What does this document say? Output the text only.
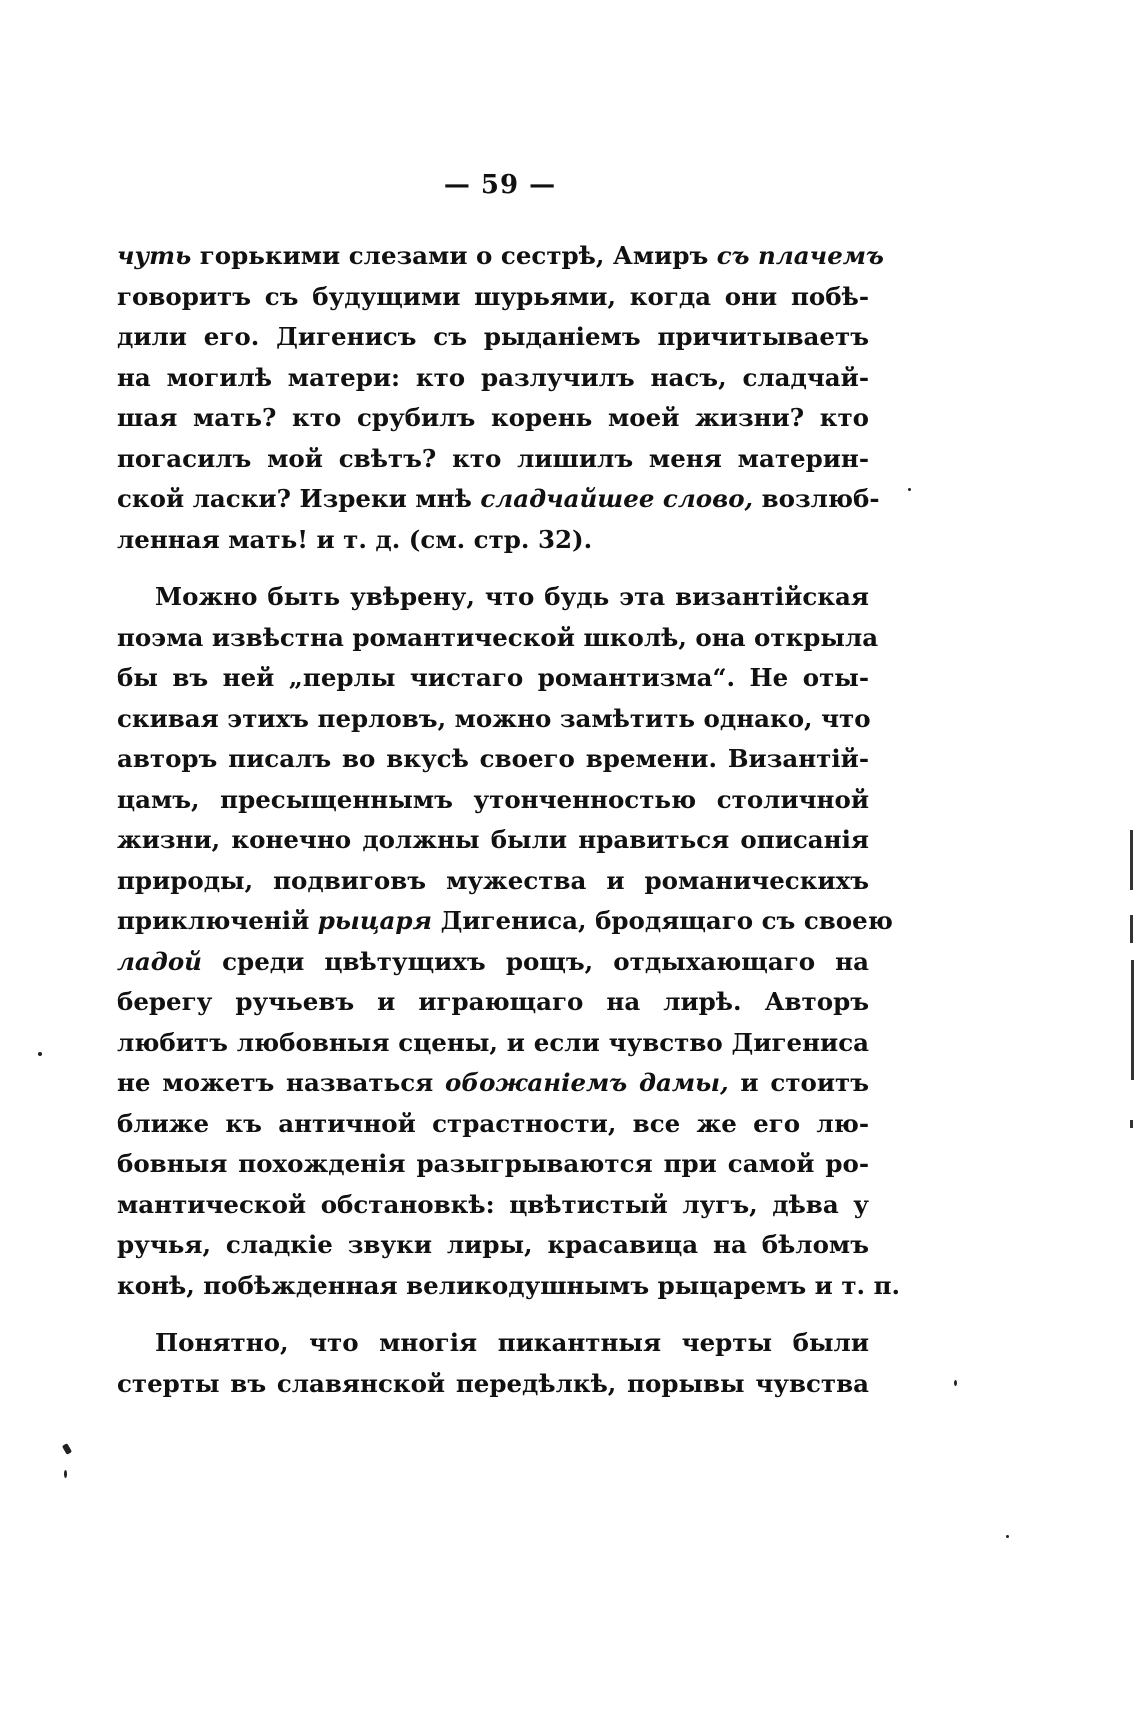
— 59 —
чуть горькими слезами о сестрѣ, Амиръ съ плачемъ
говоритъ съ будущими шурьями, когда они побѣ-
дили его. Дигенисъ съ рыданіемъ причитываетъ
на могилѣ матери: кто разлучилъ насъ, сладчай-
шая мать? кто срубилъ корень моей жизни? кто
погасилъ мой свѣтъ? кто лишилъ меня материн-
ской ласки? Изреки мнѣ сладчайшее слово, возлюб-
ленная мать! и т. д. (см. стр. 32).
Можно быть увѣрену, что будь эта византійская
поэма извѣстна романтической школѣ, она открыла
бы въ ней „перлы чистаго романтизма“. Не оты-
скивая этихъ перловъ, можно замѣтить однако, что
авторъ писалъ во вкусѣ своего времени. Византій-
цамъ, пресыщеннымъ утонченностью столичной
жизни, конечно должны были нравиться описанія
природы, подвиговъ мужества и романическихъ
приключеній рыцаря Дигениса, бродящаго съ своею
ладой среди цвѣтущихъ рощъ, отдыхающаго на
берегу ручьевъ и играющаго на лирѣ. Авторъ
любитъ любовныя сцены, и если чувство Дигениса
не можетъ назваться обожаніемъ дамы, и стоитъ
ближе къ античной страстности, все же его лю-
бовныя похожденія разыгрываются при самой ро-
мантической обстановкѣ: цвѣтистый лугъ, дѣва у
ручья, сладкіе звуки лиры, красавица на бѣломъ
конѣ, побѣжденная великодушнымъ рыцаремъ и т. п.
Понятно, что многія пикантныя черты были
стерты въ славянской передѣлкѣ, порывы чувства
